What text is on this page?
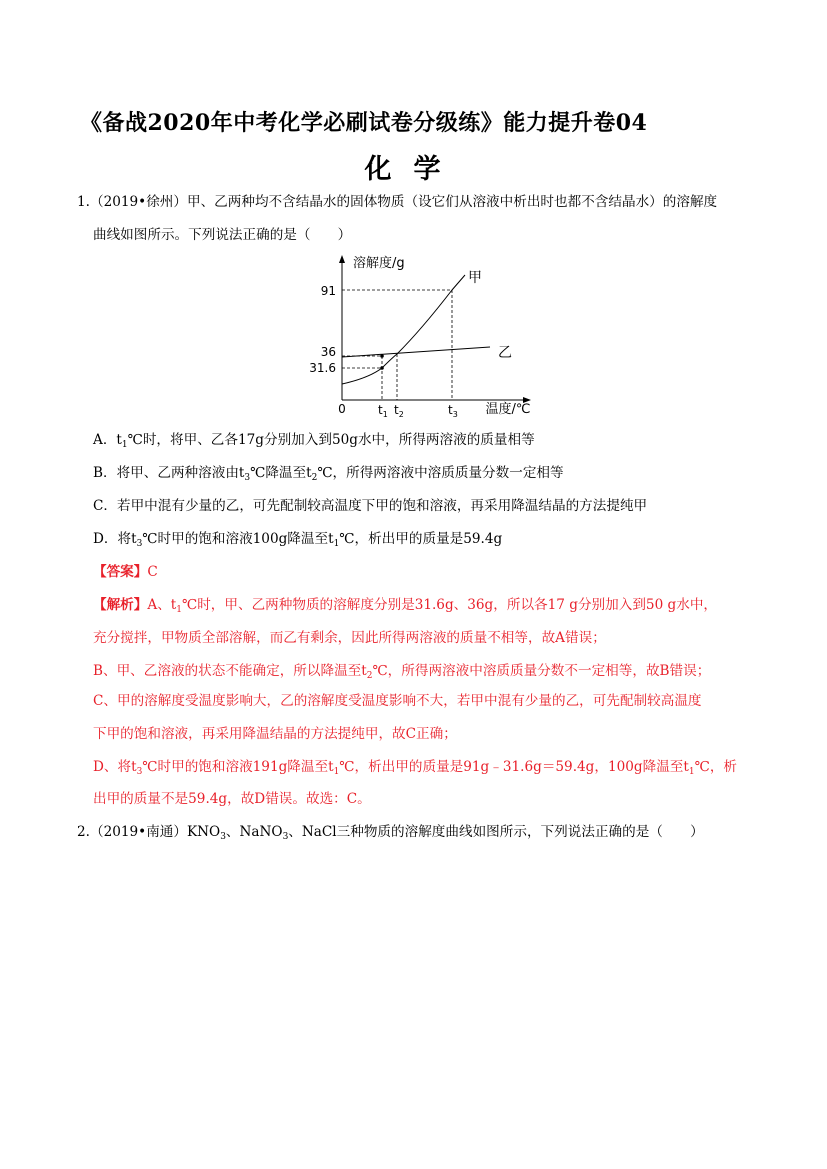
《备战2020年中考化学必刷试卷分级练》能力提升卷04
化学
1.（2019•徐州）甲、乙两种均不含结晶水的固体物质（设它们从溶液中析出时也都不含结晶水）的溶解度
曲线如图所示。下列说法正确的是（　　）
溶解度/g
温度/℃
91
36
31.6
0	$t_1$ $t_2$	$t_3$
甲
乙
A．$t_1℃$时，将甲、乙各17g分别加入到50g水中，所得两溶液的质量相等
B．将甲、乙两种溶液由$t_3℃$降温至$t_2℃$，所得两溶液中溶质质量分数一定相等
C．若甲中混有少量的乙，可先配制较高温度下甲的饱和溶液，再采用降温结晶的方法提纯甲
D．将$t_3℃$时甲的饱和溶液100g降温至$t_1℃$，析出甲的质量是59.4g
【答案】C
【解析】A、$t_1℃$时，甲、乙两种物质的溶解度分别是31.6g、36g，所以各17 g分别加入到50 g水中，
充分搅拌，甲物质全部溶解，而乙有剩余，因此所得两溶液的质量不相等，故A错误；
B、甲、乙溶液的状态不能确定，所以降温至$t_2℃$，所得两溶液中溶质质量分数不一定相等，故B错误；
C、甲的溶解度受温度影响大，乙的溶解度受温度影响不大，若甲中混有少量的乙，可先配制较高温度
下甲的饱和溶液，再采用降温结晶的方法提纯甲，故C正确；
D、将$t_3℃$时甲的饱和溶液191g降温至$t_1℃$，析出甲的质量是91g﹣31.6g＝59.4g，100g降温至$t_1℃$，析
出甲的质量不是59.4g，故D错误。故选：C。
2.（2019•南通）$KNO_3$、NaNO$_3$、NaCl三种物质的溶解度曲线如图所示，下列说法正确的是（　　）
